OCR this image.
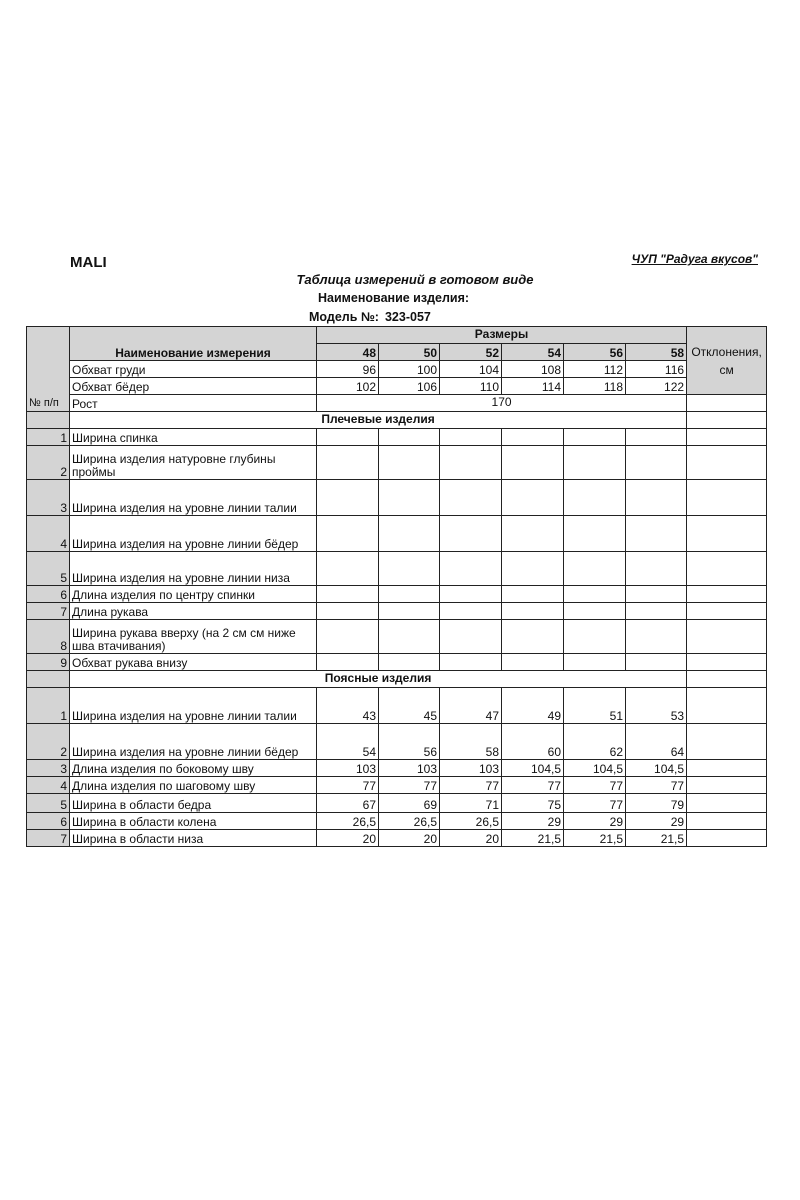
MALI	ЧУП "Радуга вкусов"
Таблица измерений в готовом виде
Наименование изделия:
Модель №: 323-057
№ п/п	Наименование измерения	Размеры						Отклонения, см
		48	50	52	54	56	58	
	Обхват груди	96	100	104	108	112	116	
	Обхват бёдер	102	106	110	114	118	122	
	Рост	170						
	Плечевые изделия							
1	Ширина спинка							
2	Ширина изделия натуровне глубины проймы							
3	Ширина изделия на уровне линии талии							
4	Ширина изделия на уровне линии бёдер							
5	Ширина изделия на уровне линии низа							
6	Длина изделия по центру спинки							
7	Длина рукава							
8	Ширина рукава вверху (на 2 см см ниже шва втачивания)							
9	Обхват рукава внизу							
	Поясные изделия							
1	Ширина изделия на уровне линии талии	43	45	47	49	51	53	
2	Ширина изделия на уровне линии бёдер	54	56	58	60	62	64	
3	Длина изделия по боковому шву	103	103	103	104,5	104,5	104,5	
4	Длина изделия по шаговому шву	77	77	77	77	77	77	
5	Ширина в области бедра	67	69	71	75	77	79	
6	Ширина в области колена	26,5	26,5	26,5	29	29	29	
7	Ширина в области низа	20	20	20	21,5	21,5	21,5	
